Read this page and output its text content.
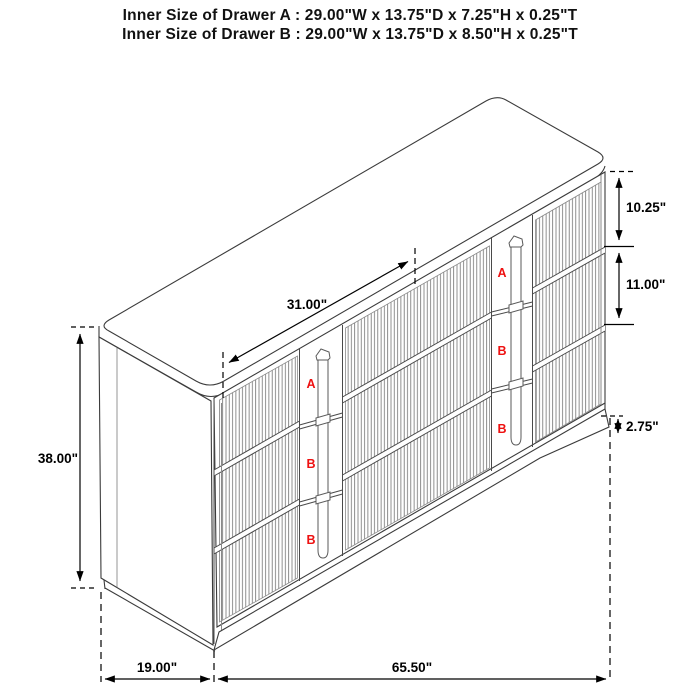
Inner Size of Drawer A : 29.00"W x 13.75"D x 7.25"H x 0.25"T
Inner Size of Drawer B : 29.00"W x 13.75"D x 8.50"H x 0.25"T
A
B
B
A
B
B
31.00"
10.25"
11.00"
2.75"
38.00"
19.00"	65.50"
